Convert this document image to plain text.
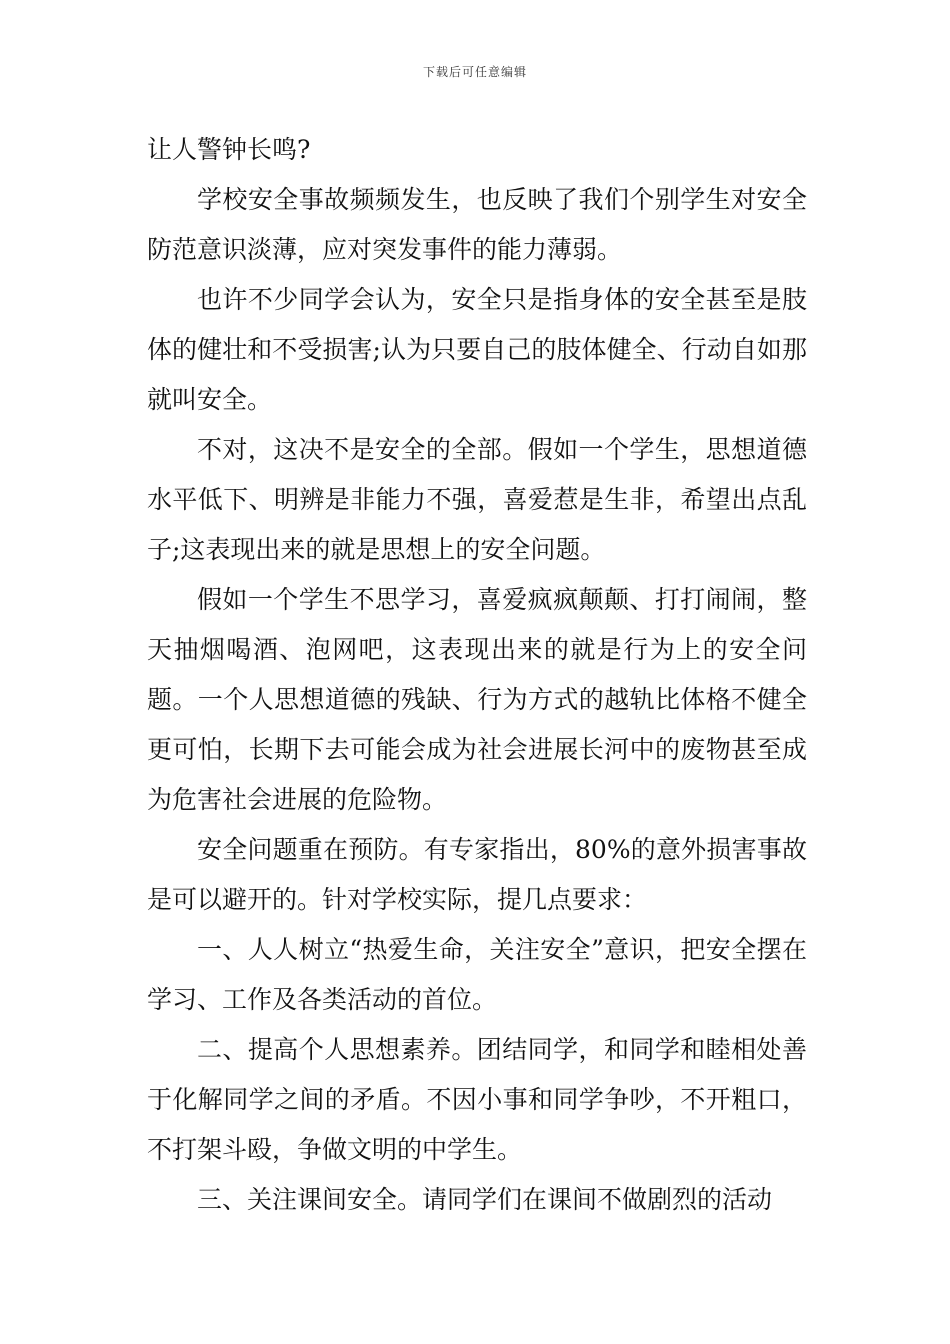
下载后可任意编辑

让人警钟长鸣?

学校安全事故频频发生，也反映了我们个别学生对安全防范意识淡薄，应对突发事件的能力薄弱。

也许不少同学会认为，安全只是指身体的安全甚至是肢体的健壮和不受损害;认为只要自己的肢体健全、行动自如那就叫安全。

不对，这决不是安全的全部。假如一个学生，思想道德水平低下、明辨是非能力不强，喜爱惹是生非，希望出点乱子;这表现出来的就是思想上的安全问题。

假如一个学生不思学习，喜爱疯疯颠颠、打打闹闹，整天抽烟喝酒、泡网吧，这表现出来的就是行为上的安全问题。一个人思想道德的残缺、行为方式的越轨比体格不健全更可怕，长期下去可能会成为社会进展长河中的废物甚至成为危害社会进展的危险物。

安全问题重在预防。有专家指出，80%的意外损害事故是可以避开的。针对学校实际，提几点要求：

一、人人树立“热爱生命，关注安全”意识，把安全摆在学习、工作及各类活动的首位。

二、提高个人思想素养。团结同学，和同学和睦相处善于化解同学之间的矛盾。不因小事和同学争吵，不开粗口，不打架斗殴，争做文明的中学生。

三、关注课间安全。请同学们在课间不做剧烈的活动
